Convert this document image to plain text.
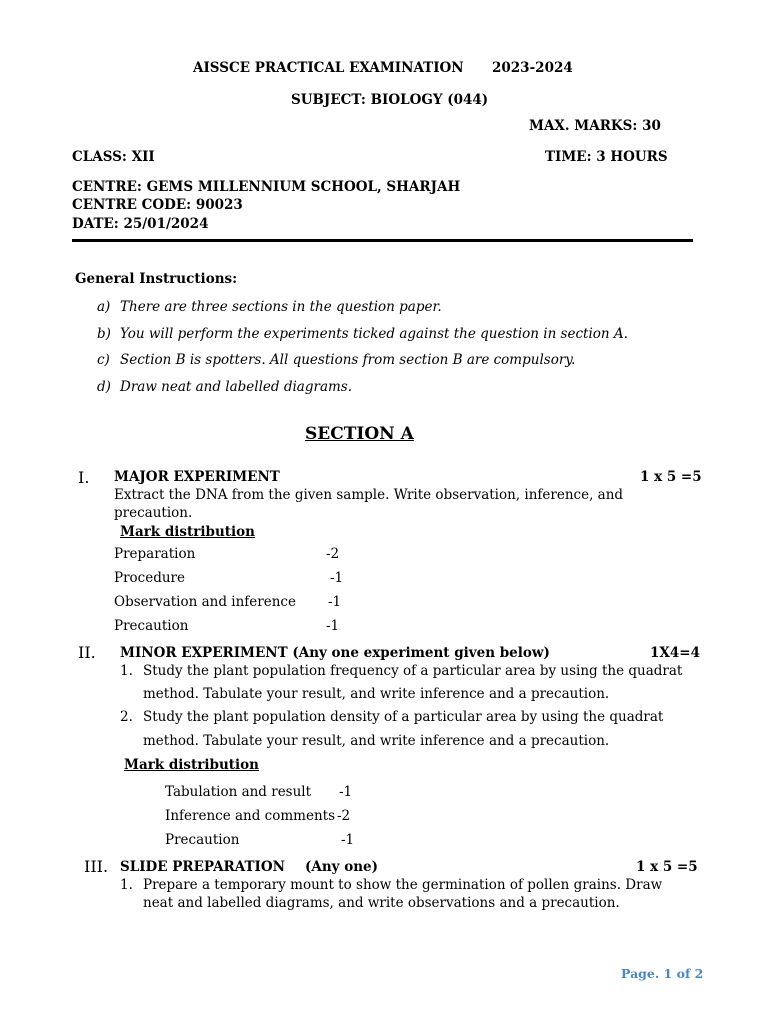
AISSCE PRACTICAL EXAMINATION 2023-2024
SUBJECT: BIOLOGY (044)
MAX. MARKS: 30
CLASS: XII	TIME: 3 HOURS
CENTRE: GEMS MILLENNIUM SCHOOL, SHARJAH
CENTRE CODE: 90023
DATE: 25/01/2024
General Instructions:
a) There are three sections in the question paper.
b) You will perform the experiments ticked against the question in section A.
c) Section B is spotters. All questions from section B are compulsory.
d) Draw neat and labelled diagrams.
SECTION A
I. MAJOR EXPERIMENT	1 x 5 =5
Extract the DNA from the given sample. Write observation, inference, and
precaution.
Mark distribution
Preparation	-2
Procedure	-1
Observation and inference -1
Precaution	-1
II. MINOR EXPERIMENT (Any one experiment given below)	1X4=4
1. Study the plant population frequency of a particular area by using the quadrat
method. Tabulate your result, and write inference and a precaution.
2. Study the plant population density of a particular area by using the quadrat
method. Tabulate your result, and write inference and a precaution.
Mark distribution
Tabulation and result -1
Inference and comments -2
Precaution	-1
III. SLIDE PREPARATION (Any one)	1 x 5 =5
1. Prepare a temporary mount to show the germination of pollen grains. Draw
neat and labelled diagrams, and write observations and a precaution.
Page. 1 of 2
